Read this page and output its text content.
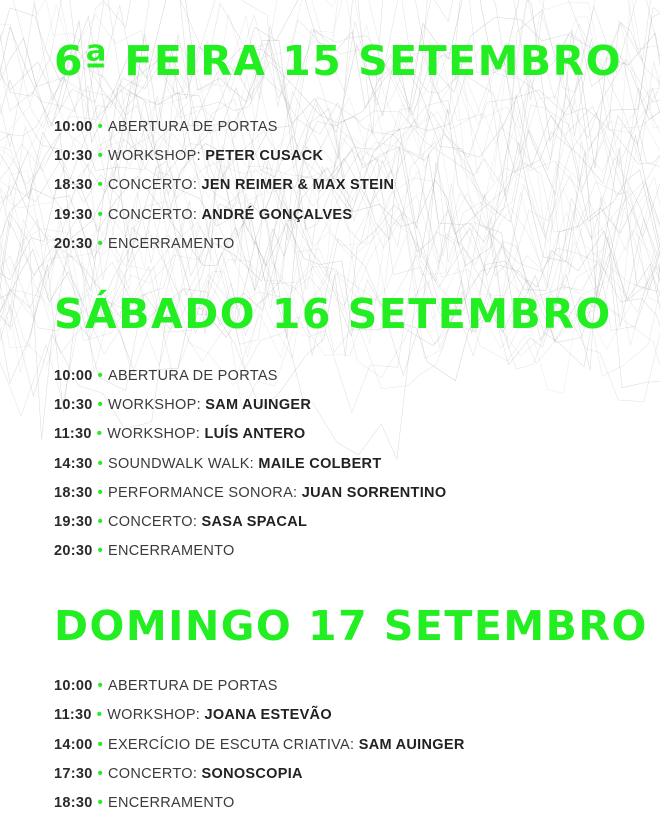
6ª FEIRA 15 SETEMBRO
10:00 • ABERTURA DE PORTAS
10:30 • WORKSHOP: PETER CUSACK
18:30 • CONCERTO: JEN REIMER & MAX STEIN
19:30 • CONCERTO: ANDRÉ GONÇALVES
20:30 • ENCERRAMENTO
SÁBADO 16 SETEMBRO
10:00 • ABERTURA DE PORTAS
10:30 • WORKSHOP: SAM AUINGER
11:30 • WORKSHOP: LUÍS ANTERO
14:30 • SOUNDWALK WALK: MAILE COLBERT
18:30 • PERFORMANCE SONORA: JUAN SORRENTINO
19:30 • CONCERTO: SASA SPACAL
20:30 • ENCERRAMENTO
DOMINGO 17 SETEMBRO
10:00 • ABERTURA DE PORTAS
11:30 • WORKSHOP: JOANA ESTEVÃO
14:00 • EXERCÍCIO DE ESCUTA CRIATIVA: SAM AUINGER
17:30 • CONCERTO: SONOSCOPIA
18:30 • ENCERRAMENTO
